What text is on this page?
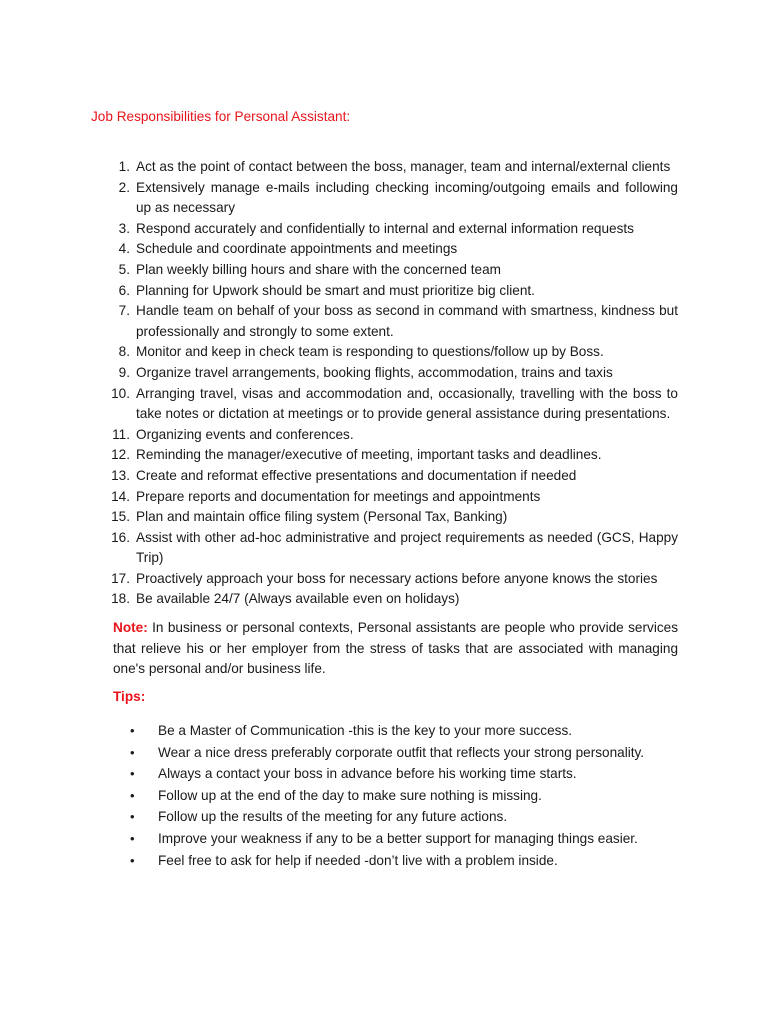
Job Responsibilities for Personal Assistant:
1. Act as the point of contact between the boss, manager, team and internal/external clients
2. Extensively manage e-mails including checking incoming/outgoing emails and following up as necessary
3. Respond accurately and confidentially to internal and external information requests
4. Schedule and coordinate appointments and meetings
5. Plan weekly billing hours and share with the concerned team
6. Planning for Upwork should be smart and must prioritize big client.
7. Handle team on behalf of your boss as second in command with smartness, kindness but professionally and strongly to some extent.
8. Monitor and keep in check team is responding to questions/follow up by Boss.
9. Organize travel arrangements, booking flights, accommodation, trains and taxis
10. Arranging travel, visas and accommodation and, occasionally, travelling with the boss to take notes or dictation at meetings or to provide general assistance during presentations.
11. Organizing events and conferences.
12. Reminding the manager/executive of meeting, important tasks and deadlines.
13. Create and reformat effective presentations and documentation if needed
14. Prepare reports and documentation for meetings and appointments
15. Plan and maintain office filing system (Personal Tax, Banking)
16. Assist with other ad-hoc administrative and project requirements as needed (GCS, Happy Trip)
17. Proactively approach your boss for necessary actions before anyone knows the stories
18. Be available 24/7 (Always available even on holidays)

Note: In business or personal contexts, Personal assistants are people who provide services that relieve his or her employer from the stress of tasks that are associated with managing one's personal and/or business life.

Tips:
• Be a Master of Communication -this is the key to your more success.
• Wear a nice dress preferably corporate outfit that reflects your strong personality.
• Always a contact your boss in advance before his working time starts.
• Follow up at the end of the day to make sure nothing is missing.
• Follow up the results of the meeting for any future actions.
• Improve your weakness if any to be a better support for managing things easier.
• Feel free to ask for help if needed -don’t live with a problem inside.
